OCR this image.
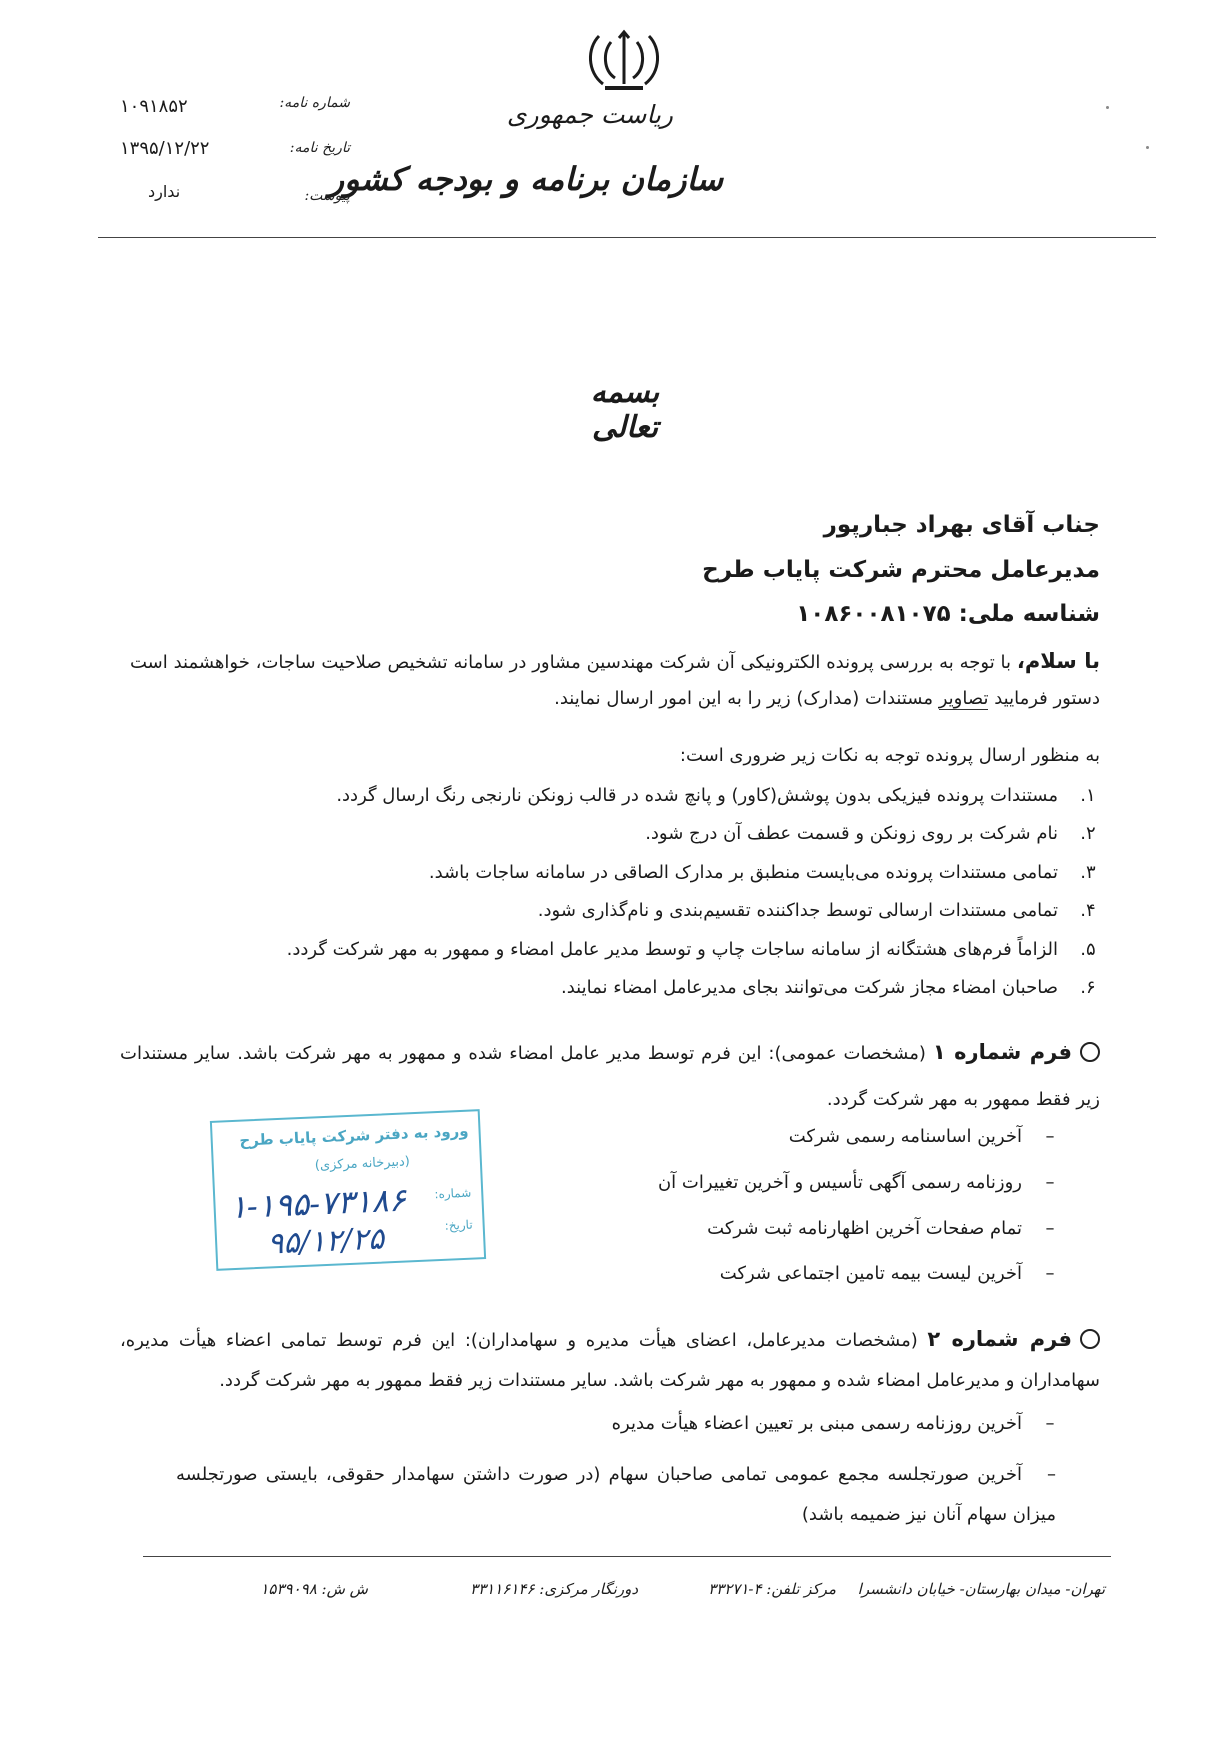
ریاست جمهوری
سازمان برنامه و بودجه کشور
شماره نامه:
۱۰۹۱۸۵۲
تاریخ نامه:
۱۳۹۵/۱۲/۲۲
پیوست:
ندارد
بسمه تعالی
جناب آقای بهراد جبارپور
مدیرعامل محترم شرکت پایاب طرح
شناسه ملی: ۱۰۸۶۰۰۸۱۰۷۵
با سلام، با توجه به بررسی پرونده الکترونیکی آن شرکت مهندسین مشاور در سامانه تشخیص صلاحیت ساجات، خواهشمند است دستور فرمایید تصاویر مستندات (مدارک) زیر را به این امور ارسال نمایند.
به منظور ارسال پرونده توجه به نکات زیر ضروری است:
۱.
مستندات پرونده فیزیکی بدون پوشش(کاور) و پانچ شده در قالب زونکن نارنجی رنگ ارسال گردد.
۲.
نام شرکت بر روی زونکن و قسمت عطف آن درج شود.
۳.
تمامی مستندات پرونده می‌بایست منطبق بر مدارک الصاقی در سامانه ساجات باشد.
۴.
تمامی مستندات ارسالی توسط جداکننده تقسیم‌بندی و نام‌گذاری شود.
۵.
الزاماً فرم‌های هشتگانه از سامانه ساجات چاپ و توسط مدیر عامل امضاء و ممهور به مهر شرکت گردد.
۶.
صاحبان امضاء مجاز شرکت می‌توانند بجای مدیرعامل امضاء نمایند.
فرم شماره ۱ (مشخصات عمومی): این فرم توسط مدیر عامل امضاء شده و ممهور به مهر شرکت باشد. سایر مستندات زیر فقط ممهور به مهر شرکت گردد.
–
آخرین اساسنامه رسمی شرکت
–
روزنامه رسمی آگهی تأسیس و آخرین تغییرات آن
–
تمام صفحات آخرین اظهارنامه ثبت شرکت
–
آخرین لیست بیمه تامین اجتماعی شرکت
ورود به دفتر شرکت پایاب طرح
(دبیرخانه مرکزی)
شماره:
تاریخ:
۱-۱۹۵-۷۳۱۸۶
۹۵/۱۲/۲۵
فرم شماره ۲ (مشخصات مدیرعامل، اعضای هیأت مدیره و سهامداران): این فرم توسط تمامی اعضاء هیأت مدیره، سهامداران و مدیرعامل امضاء شده و ممهور به مهر شرکت باشد. سایر مستندات زیر فقط ممهور به مهر شرکت گردد.
–
آخرین روزنامه رسمی مبنی بر تعیین اعضاء هیأت مدیره
–آخرین صورتجلسه مجمع عمومی تمامی صاحبان سهام (در صورت داشتن سهامدار حقوقی، بایستی صورتجلسه میزان سهام آنان نیز ضمیمه باشد)
تهران- میدان بهارستان- خیابان دانشسرا
مرکز تلفن: ۴-۳۳۲۷۱
دورنگار مرکزی: ۳۳۱۱۶۱۴۶
ش ش: ۱۵۳۹۰۹۸
